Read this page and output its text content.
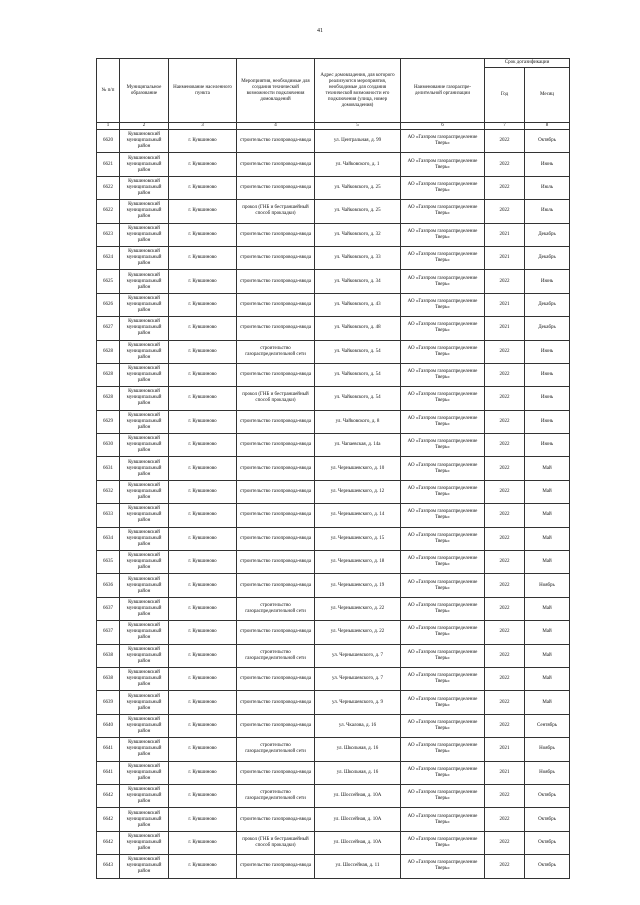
41
№ п/п	Муниципальное образование	Наименование населенного пункта	Мероприятия, необходимые для создания технической возможности подключения домовладений	Адрес домовладения, для которого реализуются мероприятия, необходимые для создания технической возможности его подключения (улица, номер домовладения)	Наименование газораспре-делительной организации	Срок догазификации	
						Год	Месяц
1	2	3	4	5	6	7	8
6620	Кувшиновский муниципальный район	г. Кувшиново	строительство газопровода-ввода	ул. Центральная, д. 99	АО «Газпром газораспределение Тверь»	2022	Октябрь
6621	Кувшиновский муниципальный район	г. Кувшиново	строительство газопровода-ввода	ул. Чайковского, д. 1	АО «Газпром газораспределение Тверь»	2022	Июнь
6622	Кувшиновский муниципальный район	г. Кувшиново	строительство газопровода-ввода	ул. Чайковского, д. 25	АО «Газпром газораспределение Тверь»	2022	Июль
6622	Кувшиновский муниципальный район	г. Кувшиново	прокол (ГНБ и бестраншейный способ прокладки)	ул. Чайковского, д. 25	АО «Газпром газораспределение Тверь»	2022	Июль
6623	Кувшиновский муниципальный район	г. Кувшиново	строительство газопровода-ввода	ул. Чайковского, д. 32	АО «Газпром газораспределение Тверь»	2021	Декабрь
6624	Кувшиновский муниципальный район	г. Кувшиново	строительство газопровода-ввода	ул. Чайковского, д. 33	АО «Газпром газораспределение Тверь»	2021	Декабрь
6625	Кувшиновский муниципальный район	г. Кувшиново	строительство газопровода-ввода	ул. Чайковского, д. 34	АО «Газпром газораспределение Тверь»	2022	Июнь
6626	Кувшиновский муниципальный район	г. Кувшиново	строительство газопровода-ввода	ул. Чайковского, д. 43	АО «Газпром газораспределение Тверь»	2021	Декабрь
6627	Кувшиновский муниципальный район	г. Кувшиново	строительство газопровода-ввода	ул. Чайковского, д. 48	АО «Газпром газораспределение Тверь»	2021	Декабрь
6628	Кувшиновский муниципальный район	г. Кувшиново	строительство газораспределительной сети	ул. Чайковского, д. 54	АО «Газпром газораспределение Тверь»	2022	Июнь
6628	Кувшиновский муниципальный район	г. Кувшиново	строительство газопровода-ввода	ул. Чайковского, д. 54	АО «Газпром газораспределение Тверь»	2022	Июнь
6628	Кувшиновский муниципальный район	г. Кувшиново	прокол (ГНБ и бестраншейный способ прокладки)	ул. Чайковского, д. 54	АО «Газпром газораспределение Тверь»	2022	Июнь
6629	Кувшиновский муниципальный район	г. Кувшиново	строительство газопровода-ввода	ул. Чайковского, д. 8	АО «Газпром газораспределение Тверь»	2022	Июнь
6630	Кувшиновский муниципальный район	г. Кувшиново	строительство газопровода-ввода	ул. Чапаевская, д. 14а	АО «Газпром газораспределение Тверь»	2022	Июнь
6631	Кувшиновский муниципальный район	г. Кувшиново	строительство газопровода-ввода	ул. Чернышевского, д. 10	АО «Газпром газораспределение Тверь»	2022	Май
6632	Кувшиновский муниципальный район	г. Кувшиново	строительство газопровода-ввода	ул. Чернышевского, д. 12	АО «Газпром газораспределение Тверь»	2022	Май
6633	Кувшиновский муниципальный район	г. Кувшиново	строительство газопровода-ввода	ул. Чернышевского, д. 14	АО «Газпром газораспределение Тверь»	2022	Май
6634	Кувшиновский муниципальный район	г. Кувшиново	строительство газопровода-ввода	ул. Чернышевского, д. 15	АО «Газпром газораспределение Тверь»	2022	Май
6635	Кувшиновский муниципальный район	г. Кувшиново	строительство газопровода-ввода	ул. Чернышевского, д. 18	АО «Газпром газораспределение Тверь»	2022	Май
6636	Кувшиновский муниципальный район	г. Кувшиново	строительство газопровода-ввода	ул. Чернышевского, д. 19	АО «Газпром газораспределение Тверь»	2022	Ноябрь
6637	Кувшиновский муниципальный район	г. Кувшиново	строительство газораспределительной сети	ул. Чернышевского, д. 22	АО «Газпром газораспределение Тверь»	2022	Май
6637	Кувшиновский муниципальный район	г. Кувшиново	строительство газопровода-ввода	ул. Чернышевского, д. 22	АО «Газпром газораспределение Тверь»	2022	Май
6638	Кувшиновский муниципальный район	г. Кувшиново	строительство газораспределительной сети	ул. Чернышевского, д. 7	АО «Газпром газораспределение Тверь»	2022	Май
6638	Кувшиновский муниципальный район	г. Кувшиново	строительство газопровода-ввода	ул. Чернышевского, д. 7	АО «Газпром газораспределение Тверь»	2022	Май
6639	Кувшиновский муниципальный район	г. Кувшиново	строительство газопровода-ввода	ул. Чернышевского, д. 9	АО «Газпром газораспределение Тверь»	2022	Май
6640	Кувшиновский муниципальный район	г. Кувшиново	строительство газопровода-ввода	ул. Чкалова, д. 16	АО «Газпром газораспределение Тверь»	2022	Сентябрь
6641	Кувшиновский муниципальный район	г. Кувшиново	строительство газораспределительной сети	ул. Школьная, д. 16	АО «Газпром газораспределение Тверь»	2021	Ноябрь
6641	Кувшиновский муниципальный район	г. Кувшиново	строительство газопровода-ввода	ул. Школьная, д. 16	АО «Газпром газораспределение Тверь»	2021	Ноябрь
6642	Кувшиновский муниципальный район	г. Кувшиново	строительство газораспределительной сети	ул. Шоссейная, д. 10А	АО «Газпром газораспределение Тверь»	2022	Октябрь
6642	Кувшиновский муниципальный район	г. Кувшиново	строительство газопровода-ввода	ул. Шоссейная, д. 10А	АО «Газпром газораспределение Тверь»	2022	Октябрь
6642	Кувшиновский муниципальный район	г. Кувшиново	прокол (ГНБ и бестраншейный способ прокладки)	ул. Шоссейная, д. 10А	АО «Газпром газораспределение Тверь»	2022	Октябрь
6643	Кувшиновский муниципальный район	г. Кувшиново	строительство газопровода-ввода	ул. Шоссейная, д. 11	АО «Газпром газораспределение Тверь»	2022	Октябрь
